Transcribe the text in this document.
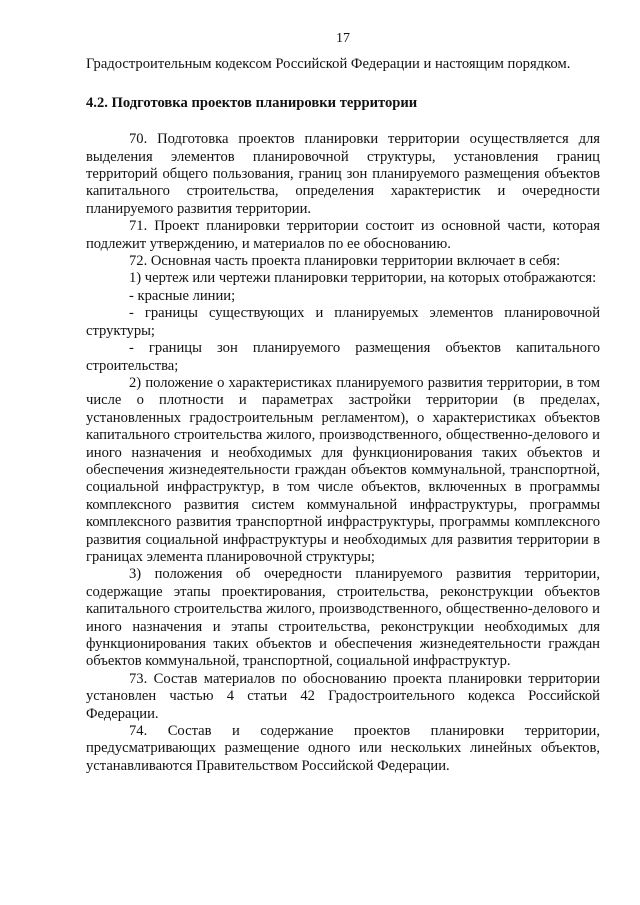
17

Градостроительным кодексом Российской Федерации и настоящим порядком.

4.2. Подготовка проектов планировки территории

70. Подготовка проектов планировки территории осуществляется для выделения элементов планировочной структуры, установления границ территорий общего пользования, границ зон планируемого размещения объектов капитального строительства, определения характеристик и очередности планируемого развития территории.

71. Проект планировки территории состоит из основной части, которая подлежит утверждению, и материалов по ее обоснованию.

72. Основная часть проекта планировки территории включает в себя:

1) чертеж или чертежи планировки территории, на которых отображаются:

- красные линии;

- границы существующих и планируемых элементов планировочной структуры;

- границы зон планируемого размещения объектов капитального строительства;

2) положение о характеристиках планируемого развития территории, в том числе о плотности и параметрах застройки территории (в пределах, установленных градостроительным регламентом), о характеристиках объектов капитального строительства жилого, производственного, общественно-делового и иного назначения и необходимых для функционирования таких объектов и обеспечения жизнедеятельности граждан объектов коммунальной, транспортной, социальной инфраструктур, в том числе объектов, включенных в программы комплексного развития систем коммунальной инфраструктуры, программы комплексного развития транспортной инфраструктуры, программы комплексного развития социальной инфраструктуры и необходимых для развития территории в границах элемента планировочной структуры;

3) положения об очередности планируемого развития территории, содержащие этапы проектирования, строительства, реконструкции объектов капитального строительства жилого, производственного, общественно-делового и иного назначения и этапы строительства, реконструкции необходимых для функционирования таких объектов и обеспечения жизнедеятельности граждан объектов коммунальной, транспортной, социальной инфраструктур.

73. Состав материалов по обоснованию проекта планировки территории установлен частью 4 статьи 42 Градостроительного кодекса Российской Федерации.

74. Состав и содержание проектов планировки территории, предусматривающих размещение одного или нескольких линейных объектов, устанавливаются Правительством Российской Федерации.
